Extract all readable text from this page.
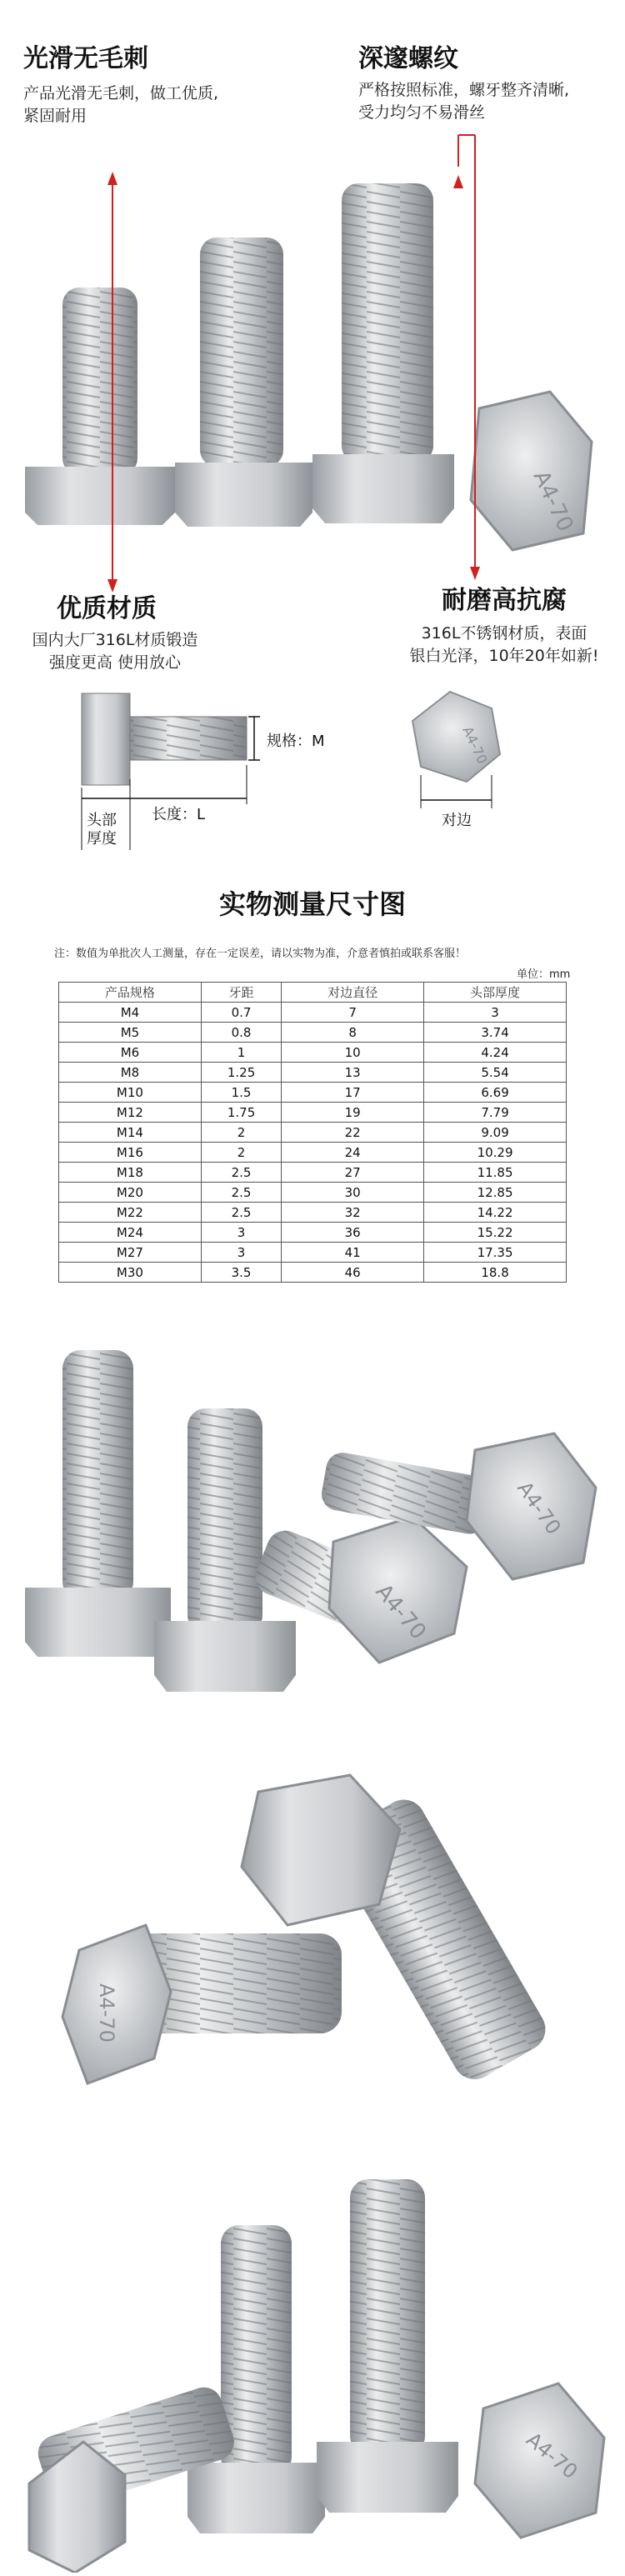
A4-70
光滑无毛刺
产品光滑无毛刺，做工优质,
紧固耐用
深邃螺纹
严格按照标准，螺牙整齐清晰,
受力均匀不易滑丝
优质材质
国内大厂316L材质锻造
强度更高 使用放心
耐磨高抗腐
316L不锈钢材质，表面
银白光泽，10年20年如新!
A4-70
规格：M
长度：L
头部
厚度
对边
实物测量尺寸图
注：数值为单批次人工测量，存在一定误差，请以实物为准，介意者慎拍或联系客服！
单位：mm
产品规格	牙距	对边直径	头部厚度
M4	0.7	7	3
M5	0.8	8	3.74
M6	1	10	4.24
M8	1.25	13	5.54
M10	1.5	17	6.69
M12	1.75	19	7.79
M14	2	22	9.09
M16	2	24	10.29
M18	2.5	27	11.85
M20	2.5	30	12.85
M22	2.5	32	14.22
M24	3	36	15.22
M27	3	41	17.35
M30	3.5	46	18.8
A4-70
A4-70
A4-70
A4-70
